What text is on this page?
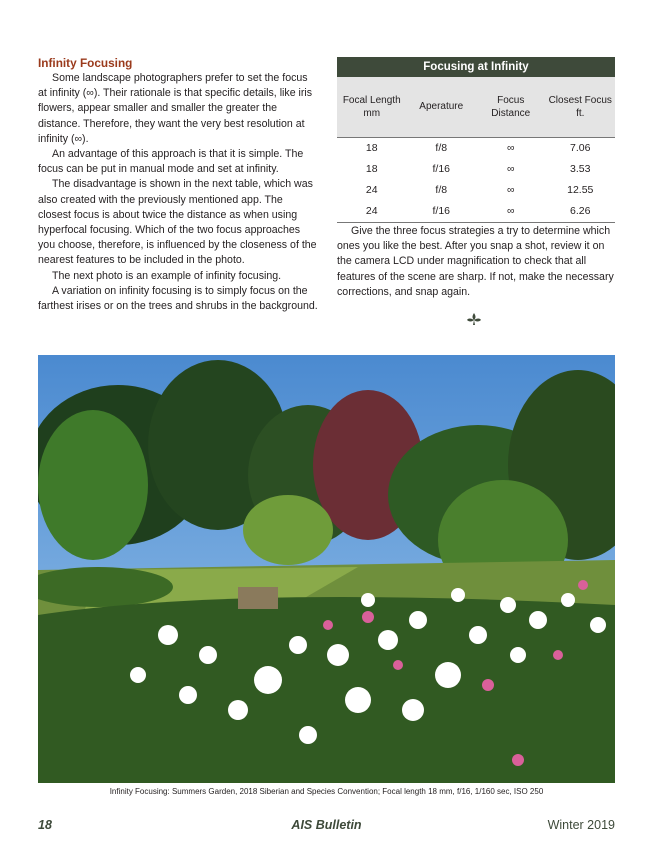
Infinity Focusing

Some landscape photographers prefer to set the focus at infinity (∞). Their rationale is that specific details, like iris flowers, appear smaller and smaller the greater the distance. Therefore, they want the very best resolution at infinity (∞).

An advantage of this approach is that it is simple. The focus can be put in manual mode and set at infinity.

The disadvantage is shown in the next table, which was also created with the previously mentioned app. The closest focus is about twice the distance as when using hyperfocal focusing. Which of the two focus approaches you choose, therefore, is influenced by the closeness of the nearest features to be included in the photo.

The next photo is an example of infinity focusing.

A variation on infinity focusing is to simply focus on the farthest irises or on the trees and shrubs in the background.

Focusing at Infinity
Focal Length mm	Aperature	Focus Distance	Closest Focus ft.
18	f/8	∞	7.06
18	f/16	∞	3.53
24	f/8	∞	12.55
24	f/16	∞	6.26

Give the three focus strategies a try to determine which ones you like the best. After you snap a shot, review it on the camera LCD under magnification to check that all features of the scene are sharp. If not, make the necessary corrections, and snap again.

Infinity Focusing: Summers Garden, 2018 Siberian and Species Convention; Focal length 18 mm, f/16, 1/160 sec, ISO 250
18	AIS Bulletin	Winter 2019
